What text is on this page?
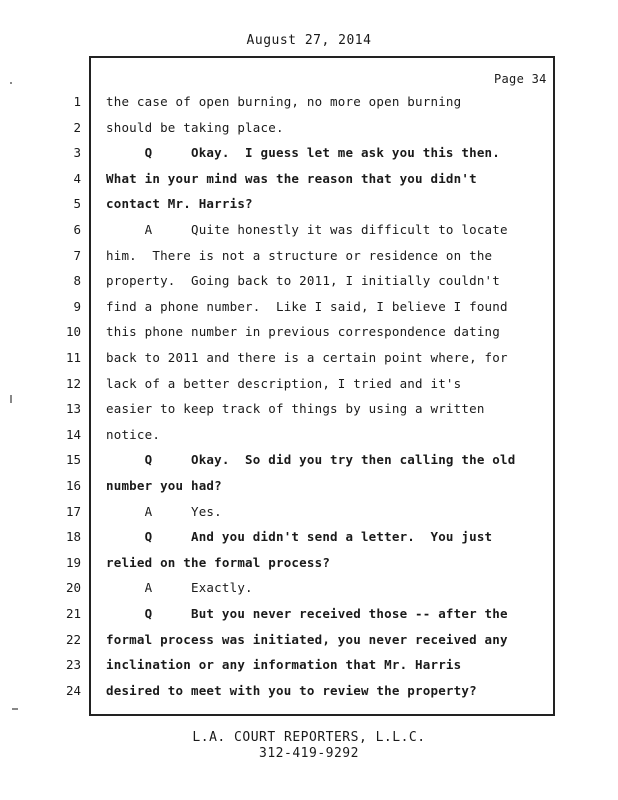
August 27, 2014
Page 34
1 the case of open burning, no more open burning
2 should be taking place.
3 Q     Okay.  I guess let me ask you this then.
4 What in your mind was the reason that you didn't
5 contact Mr. Harris?
6 A     Quite honestly it was difficult to locate
7 him.  There is not a structure or residence on the
8 property.  Going back to 2011, I initially couldn't
9 find a phone number.  Like I said, I believe I found
10 this phone number in previous correspondence dating
11 back to 2011 and there is a certain point where, for
12 lack of a better description, I tried and it's
13 easier to keep track of things by using a written
14 notice.
15 Q     Okay.  So did you try then calling the old
16 number you had?
17 A     Yes.
18 Q     And you didn't send a letter.  You just
19 relied on the formal process?
20 A     Exactly.
21 Q     But you never received those -- after the
22 formal process was initiated, you never received any
23 inclination or any information that Mr. Harris
24 desired to meet with you to review the property?
L.A. COURT REPORTERS, L.L.C.
312-419-9292
